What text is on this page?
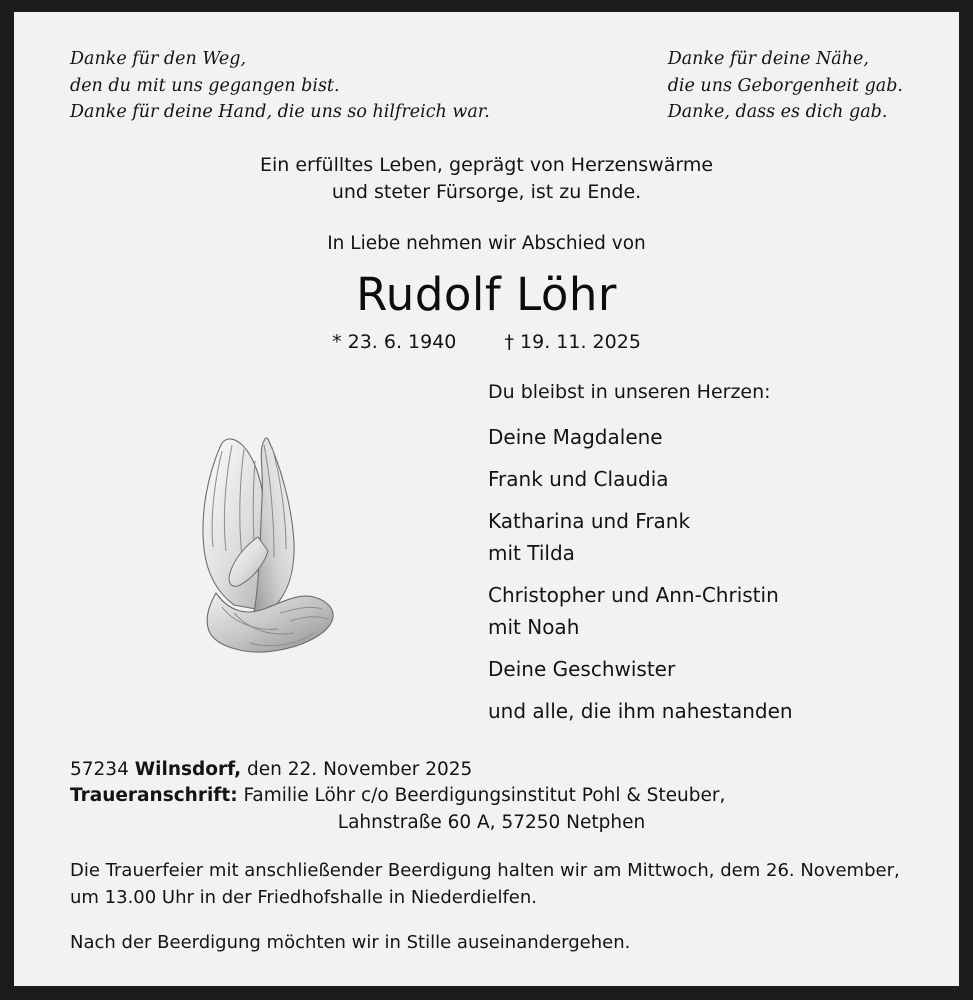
Danke für den Weg,
den du mit uns gegangen bist.
Danke für deine Hand, die uns so hilfreich war.
Danke für deine Nähe,
die uns Geborgenheit gab.
Danke, dass es dich gab.
Ein erfülltes Leben, geprägt von Herzenswärme
und steter Fürsorge, ist zu Ende.
In Liebe nehmen wir Abschied von
Rudolf Löhr
* 23. 6. 1940	† 19. 11. 2025
Du bleibst in unseren Herzen:
Deine Magdalene
Frank und Claudia
Katharina und Frank
mit Tilda
Christopher und Ann-Christin
mit Noah
Deine Geschwister
und alle, die ihm nahestanden
57234 Wilnsdorf, den 22. November 2025
Traueranschrift: Familie Löhr c/o Beerdigungsinstitut Pohl & Steuber,
Lahnstraße 60 A, 57250 Netphen
Die Trauerfeier mit anschließender Beerdigung halten wir am Mittwoch, dem 26. November,
um 13.00 Uhr in der Friedhofshalle in Niederdielfen.
Nach der Beerdigung möchten wir in Stille auseinandergehen.
